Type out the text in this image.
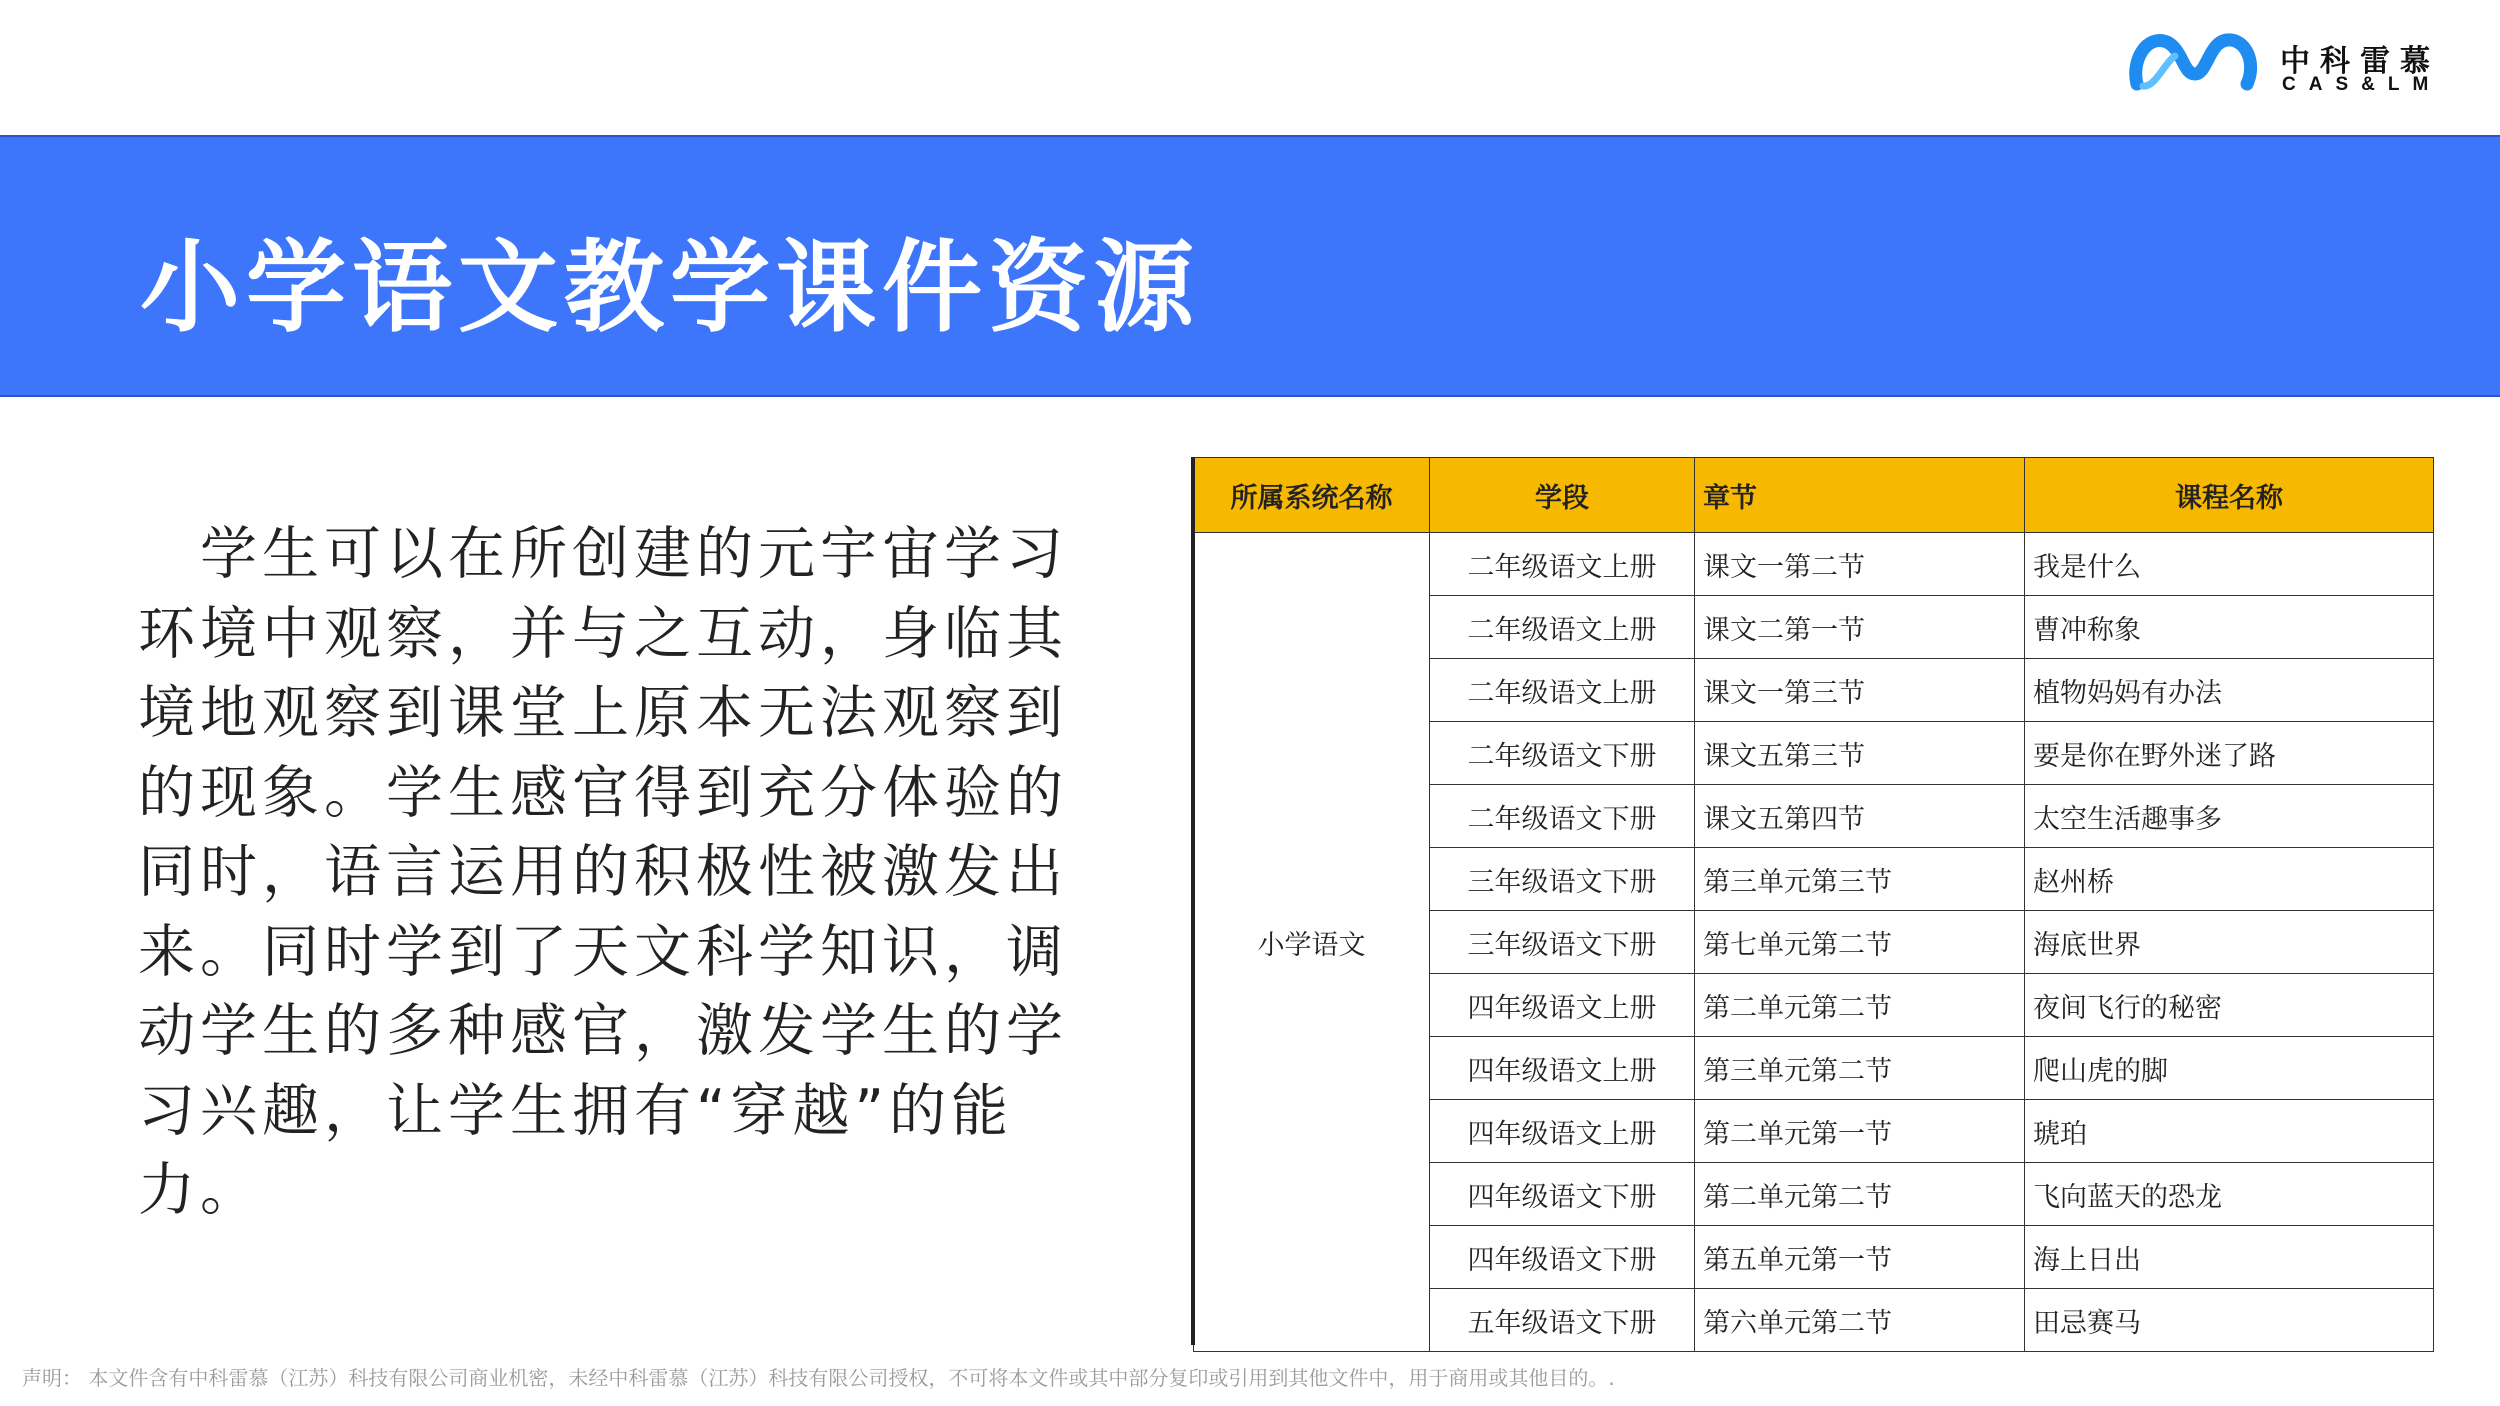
中科雷慕
CAS&LM
小学语文教学课件资源
　学生可以在所创建的元宇宙学习环境中观察，并与之互动，身临其境地观察到课堂上原本无法观察到的现象。学生感官得到充分体验的同时，语言运用的积极性被激发出来。同时学到了天文科学知识，调动学生的多种感官，激发学生的学习兴趣，让学生拥有“穿越”的能力。
所属系统名称	学段	章节	课程名称
小学语文	二年级语文上册	课文一第二节	我是什么
	二年级语文上册	课文二第一节	曹冲称象
	二年级语文上册	课文一第三节	植物妈妈有办法
	二年级语文下册	课文五第三节	要是你在野外迷了路
	二年级语文下册	课文五第四节	太空生活趣事多
	三年级语文下册	第三单元第三节	赵州桥
	三年级语文下册	第七单元第二节	海底世界
	四年级语文上册	第二单元第二节	夜间飞行的秘密
	四年级语文上册	第三单元第二节	爬山虎的脚
	四年级语文上册	第二单元第一节	琥珀
	四年级语文下册	第二单元第二节	飞向蓝天的恐龙
	四年级语文下册	第五单元第一节	海上日出
	五年级语文下册	第六单元第二节	田忌赛马
声明： 本文件含有中科雷慕（江苏）科技有限公司商业机密，未经中科雷慕（江苏）科技有限公司授权，不可将本文件或其中部分复印或引用到其他文件中，用于商用或其他目的。.
